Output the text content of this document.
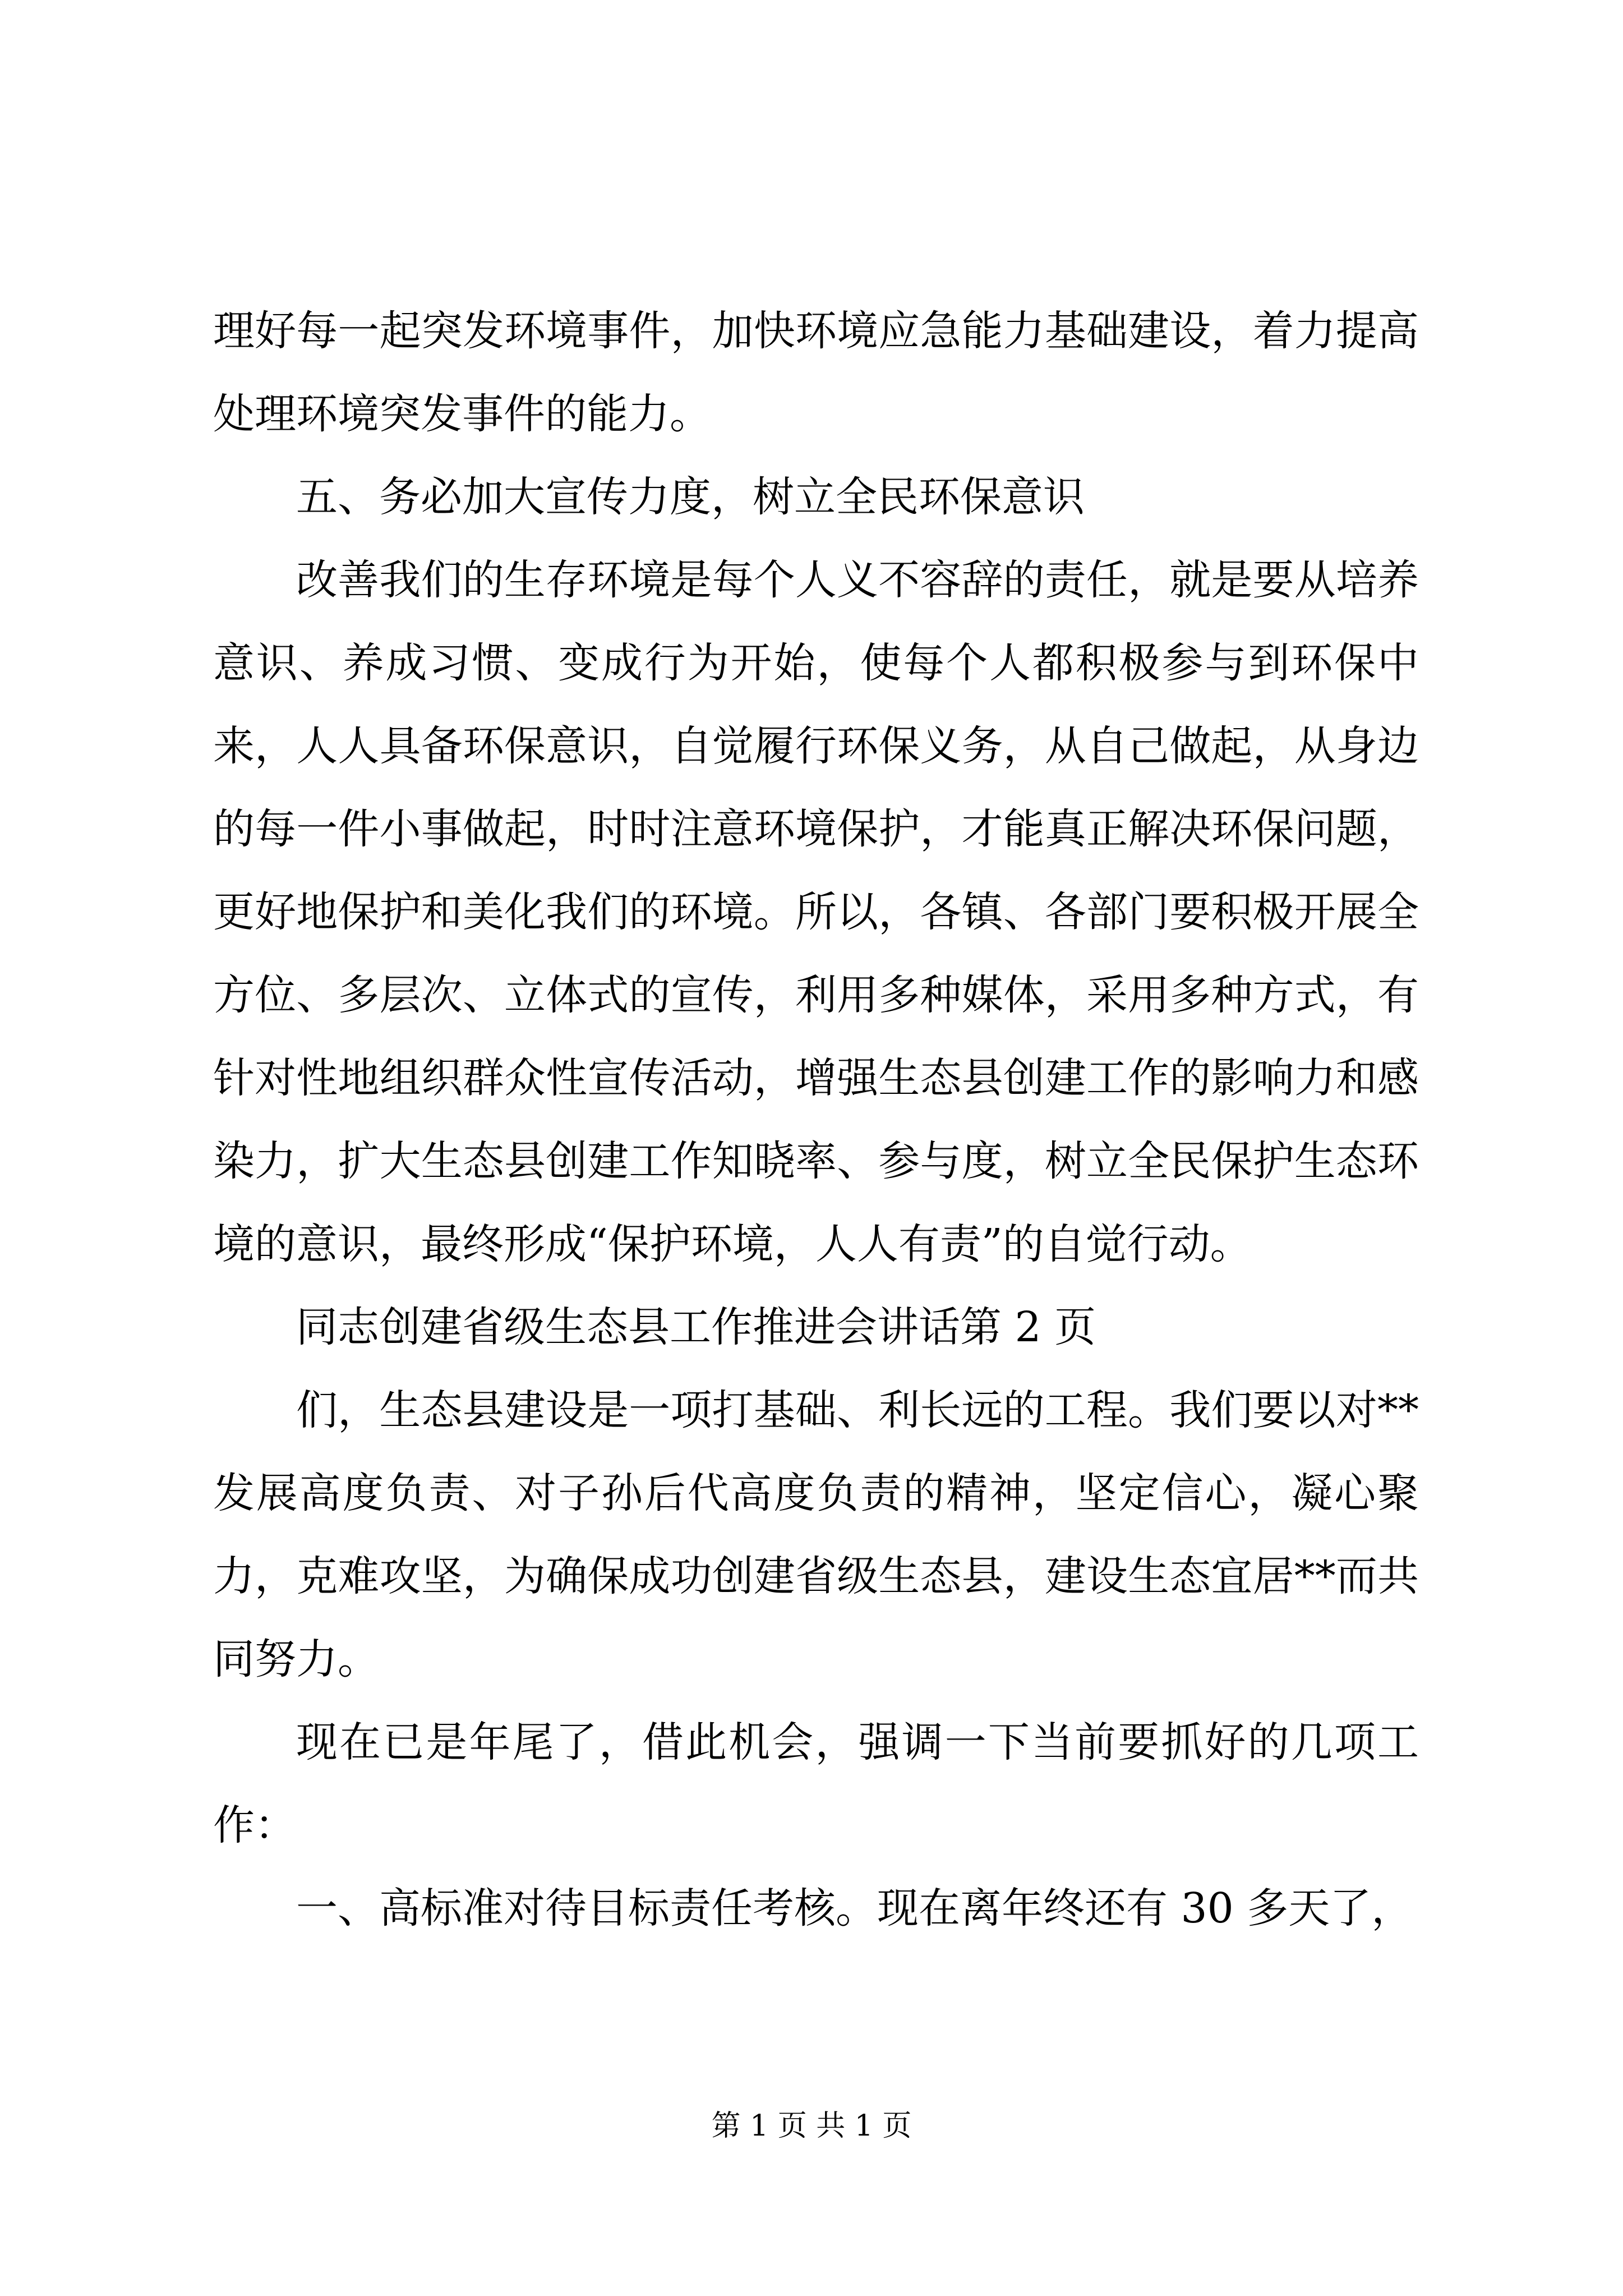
理好每一起突发环境事件，加快环境应急能力基础建设，着力提高处理环境突发事件的能力。

五、务必加大宣传力度，树立全民环保意识

改善我们的生存环境是每个人义不容辞的责任，就是要从培养意识、养成习惯、变成行为开始，使每个人都积极参与到环保中来，人人具备环保意识，自觉履行环保义务，从自己做起，从身边的每一件小事做起，时时注意环境保护，才能真正解决环保问题，更好地保护和美化我们的环境。所以，各镇、各部门要积极开展全方位、多层次、立体式的宣传，利用多种媒体，采用多种方式，有针对性地组织群众性宣传活动，增强生态县创建工作的影响力和感染力，扩大生态县创建工作知晓率、参与度，树立全民保护生态环境的意识，最终形成“保护环境，人人有责”的自觉行动。

同志创建省级生态县工作推进会讲话第 2 页

们，生态县建设是一项打基础、利长远的工程。我们要以对**发展高度负责、对子孙后代高度负责的精神，坚定信心，凝心聚力，克难攻坚，为确保成功创建省级生态县，建设生态宜居**而共同努力。

现在已是年尾了，借此机会，强调一下当前要抓好的几项工作：

一、高标准对待目标责任考核。现在离年终还有 30 多天了，

第 1 页 共 1 页
